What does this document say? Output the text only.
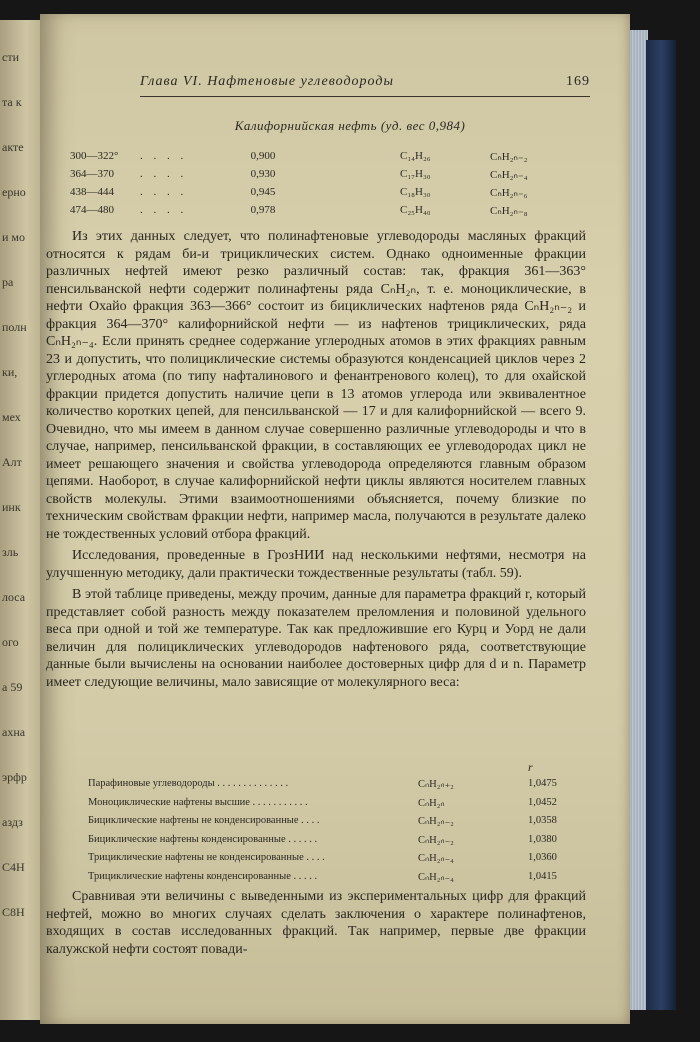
сти
та к
акте
ерно
и мо
ра
полн
ки,
мех
Алт
инк
зль
лоса
ого
а 59
ахна
эрфр
аздз
С4Н
С8Н
Глава VI. Нафтеновые углеводороды	169
Калифорнийская нефть (уд. вес 0,984)
300—322°	. . . .	0,900	C₁₄H₂₆	CₙH₂ₙ₋₂
364—370	. . . .	0,930	C₁₇H₃₀	CₙH₂ₙ₋₄
438—444	. . . .	0,945	C₁₈H₃₀	CₙH₂ₙ₋₆
474—480	. . . .	0,978	C₂₅H₄₀	CₙH₂ₙ₋₈

Из этих данных следует, что полинафтеновые углеводороды масляных фракций относятся к рядам би-и трициклических систем. Однако одноименные фракции различных нефтей имеют резко различный состав: так, фракция 361—363° пенсильванской нефти содержит полинафтены ряда CₙH₂ₙ, т. е. моноциклические, в нефти Охайо фракция 363—366° состоит из бициклических нафтенов ряда CₙH₂ₙ₋₂ и фракция 364—370° калифорнийской нефти — из нафтенов трициклических, ряда CₙH₂ₙ₋₄. Если принять среднее содержание углеродных атомов в этих фракциях равным 23 и допустить, что полициклические системы образуются конденсацией циклов через 2 углеродных атома (по типу нафталинового и фенантренового колец), то для охайской фракции придется допустить наличие цепи в 13 атомов углерода или эквивалентное количество коротких цепей, для пенсильванской — 17 и для калифорнийской — всего 9. Очевидно, что мы имеем в данном случае совершенно различные углеводороды и что в случае, например, пенсильванской фракции, в составляющих ее углеводородах цикл не имеет решающего значения и свойства углеводорода определяются главным образом цепями. Наоборот, в случае калифорнийской нефти циклы являются носителем главных свойств молекулы. Этими взаимоотношениями объясняется, почему близкие по техническим свойствам фракции нефти, например масла, получаются в результате далеко не тождественных условий отбора фракций.

Исследования, проведенные в ГрозНИИ над несколькими нефтями, несмотря на улучшенную методику, дали практически тождественные результаты (табл. 59).

В этой таблице приведены, между прочим, данные для параметра фракций r, который представляет собой разность между показателем преломления и половиной удельного веса при одной и той же температуре. Так как предложившие его Курц и Уорд не дали величин для полициклических углеводородов нафтенового ряда, соответствующие данные были вычислены на основании наиболее достоверных цифр для d и n. Параметр имеет следующие величины, мало зависящие от молекулярного веса:

r
Парафиновые углеводороды . . . . . . . . . . . . . .	CₙH₂ₙ₊₂	1,0475
Моноциклические нафтены высшие . . . . . . . . . . .	CₙH₂ₙ	1,0452
Бициклические нафтены не конденсированные . . . .	CₙH₂ₙ₋₂	1,0358
Бициклические нафтены конденсированные . . . . . .	CₙH₂ₙ₋₂	1,0380
Трициклические нафтены не конденсированные . . . .	CₙH₂ₙ₋₄	1,0360
Трициклические нафтены конденсированные . . . . .	CₙH₂ₙ₋₄	1,0415

Сравнивая эти величины с выведенными из экспериментальных цифр для фракций нефтей, можно во многих случаях сделать заключения о характере полинафтенов, входящих в состав исследованных фракций. Так например, первые две фракции калужской нефти состоят повади-
